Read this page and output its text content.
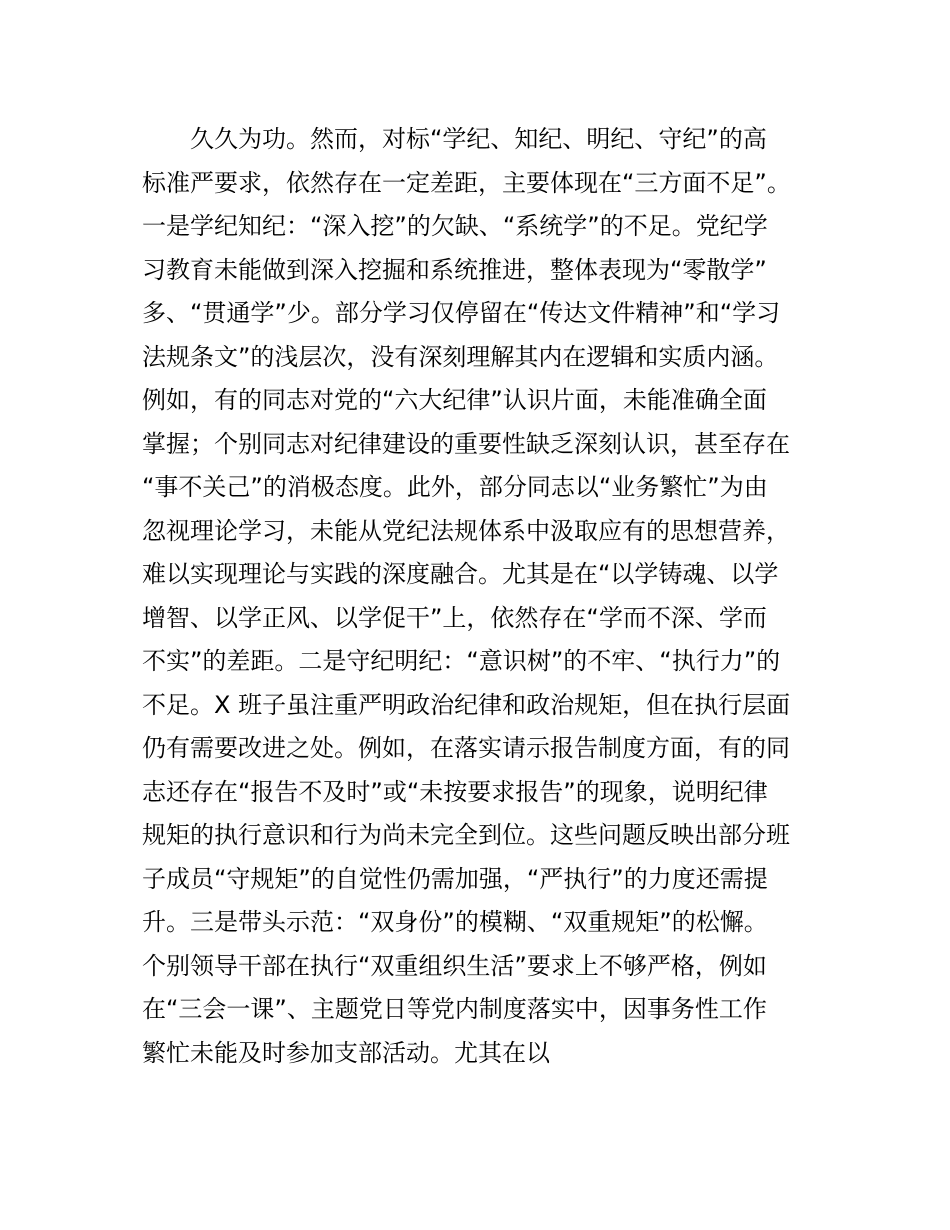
久久为功。然而，对标“学纪、知纪、明纪、守纪”的高
标准严要求，依然存在一定差距，主要体现在“三方面不足”。
一是学纪知纪：“深入挖”的欠缺、“系统学”的不足。党纪学
习教育未能做到深入挖掘和系统推进，整体表现为“零散学”
多、“贯通学”少。部分学习仅停留在“传达文件精神”和“学习
法规条文”的浅层次，没有深刻理解其内在逻辑和实质内涵。
例如，有的同志对党的“六大纪律”认识片面，未能准确全面
掌握；个别同志对纪律建设的重要性缺乏深刻认识，甚至存在
“事不关己”的消极态度。此外，部分同志以“业务繁忙”为由
忽视理论学习，未能从党纪法规体系中汲取应有的思想营养，
难以实现理论与实践的深度融合。尤其是在“以学铸魂、以学
增智、以学正风、以学促干”上，依然存在“学而不深、学而
不实”的差距。二是守纪明纪：“意识树”的不牢、“执行力”的
不足。X 班子虽注重严明政治纪律和政治规矩，但在执行层面
仍有需要改进之处。例如，在落实请示报告制度方面，有的同
志还存在“报告不及时”或“未按要求报告”的现象，说明纪律
规矩的执行意识和行为尚未完全到位。这些问题反映出部分班
子成员“守规矩”的自觉性仍需加强，“严执行”的力度还需提
升。三是带头示范：“双身份”的模糊、“双重规矩”的松懈。
个别领导干部在执行“双重组织生活”要求上不够严格，例如
在“三会一课”、主题党日等党内制度落实中，因事务性工作
繁忙未能及时参加支部活动。尤其在以
